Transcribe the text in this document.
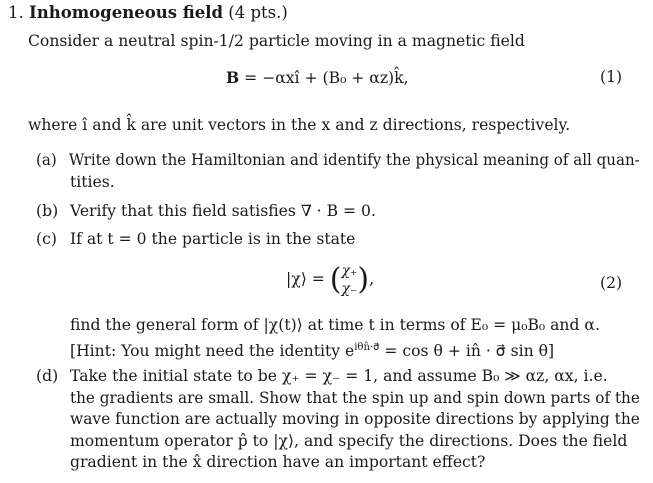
1. Inhomogeneous field (4 pts.)
Consider a neutral spin-1/2 particle moving in a magnetic field
B = −αxî + (B₀ + αz)k̂,	(1)
where î and k̂ are unit vectors in the x and z directions, respectively.
(a) Write down the Hamiltonian and identify the physical meaning of all quan-
tities.
(b) Verify that this field satisfies ∇ · B = 0.
(c) If at t = 0 the particle is in the state
|χ⟩ = ( χ₊
χ₋ ),	(2)
find the general form of |χ(t)⟩ at time t in terms of E₀ = μ₀B₀ and α.
[Hint: You might need the identity $e^{i\theta n̂\cdot\sigma⃗} = \cos \theta$ + in̂ · σ⃗ sin θ]
(d) Take the initial state to be χ₊ = χ₋ = 1, and assume B₀ ≫ αz, αx, i.e.
the gradients are small. Show that the spin up and spin down parts of the
wave function are actually moving in opposite directions by applying the
momentum operator p̂ to |χ⟩, and specify the directions. Does the field
gradient in the x̂ direction have an important effect?
